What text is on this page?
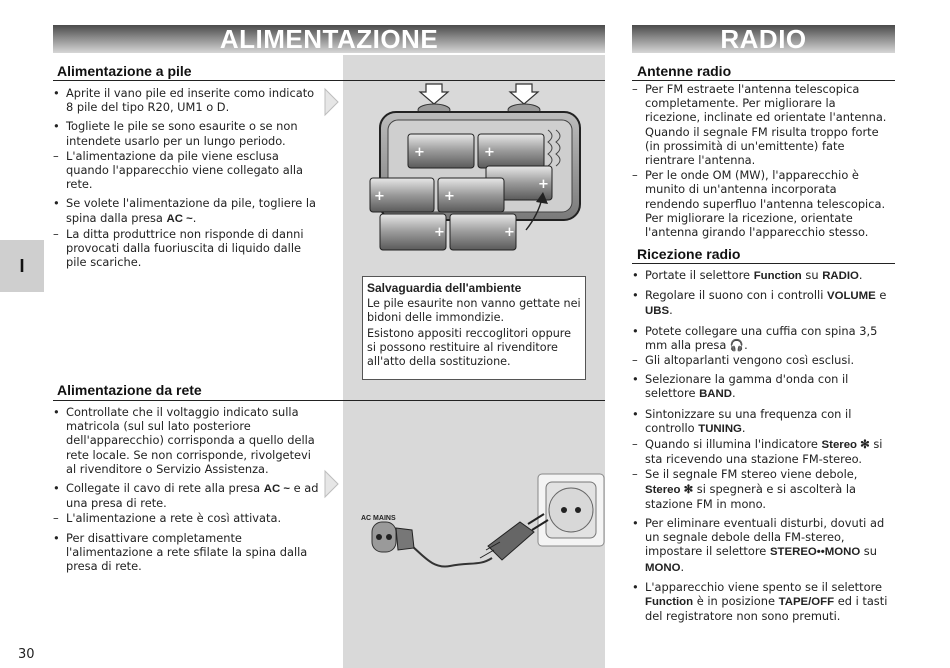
ALIMENTAZIONE	RADIO
I
Alimentazione a pile
• Aprite il vano pile ed inserite como indicato 8 pile del tipo R20, UM1 o D.
• Togliete le pile se sono esaurite o se non intendete usarlo per un lungo periodo.
– L'alimentazione da pile viene esclusa quando l'apparecchio viene collegato alla rete.
• Se volete l'alimentazione da pile, togliere la spina dalla presa AC ~.
– La ditta produttrice non risponde di danni provocati dalla fuoriuscita di liquido dalle pile scariche.
+	+
+
+	+
+	+
Salvaguardia dell'ambiente

Le pile esaurite non vanno gettate nei bidoni delle immondizie.

Esistono appositi reccoglitori oppure si possono restituire al rivenditore all'atto della sostituzione.

Alimentazione da rete
• Controllate che il voltaggio indicato sulla matricola (sul sul lato posteriore dell'apparecchio) corrisponda a quello della rete locale. Se non corrisponde, rivolgetevi al rivenditore o Servizio Assistenza.
• Collegate il cavo di rete alla presa AC ~ e ad una presa di rete.
– L'alimentazione a rete è così attivata.
• Per disattivare completamente l'alimentazione a rete sfilate la spina dalla presa di rete.
AC MAINS
Antenne radio
– Per FM estraete l'antenna telescopica completamente. Per migliorare la ricezione, inclinate ed orientate l'antenna. Quando il segnale FM risulta troppo forte (in prossimità di un'emittente) fate rientrare l'antenna.
– Per le onde OM (MW), l'apparecchio è munito di un'antenna incorporata rendendo superfluo l'antenna telescopica. Per migliorare la ricezione, orientate l'antenna girando l'apparecchio stesso.
Ricezione radio
• Portate il selettore Function su RADIO.
• Regolare il suono con i controlli VOLUME e UBS.
• Potete collegare una cuffia con spina 3,5 mm alla presa 🎧.
– Gli altoparlanti vengono così esclusi.
• Selezionare la gamma d'onda con il selettore BAND.
• Sintonizzare su una frequenza con il controllo TUNING.
– Quando si illumina l'indicatore Stereo ✻ si sta ricevendo una stazione FM-stereo.
– Se il segnale FM stereo viene debole, Stereo ✻ si spegnerà e si ascolterà la stazione FM in mono.
• Per eliminare eventuali disturbi, dovuti ad un segnale debole della FM-stereo, impostare il selettore STEREO••MONO su MONO.
• L'apparecchio viene spento se il selettore Function è in posizione TAPE/OFF ed i tasti del registratore non sono premuti.
30
